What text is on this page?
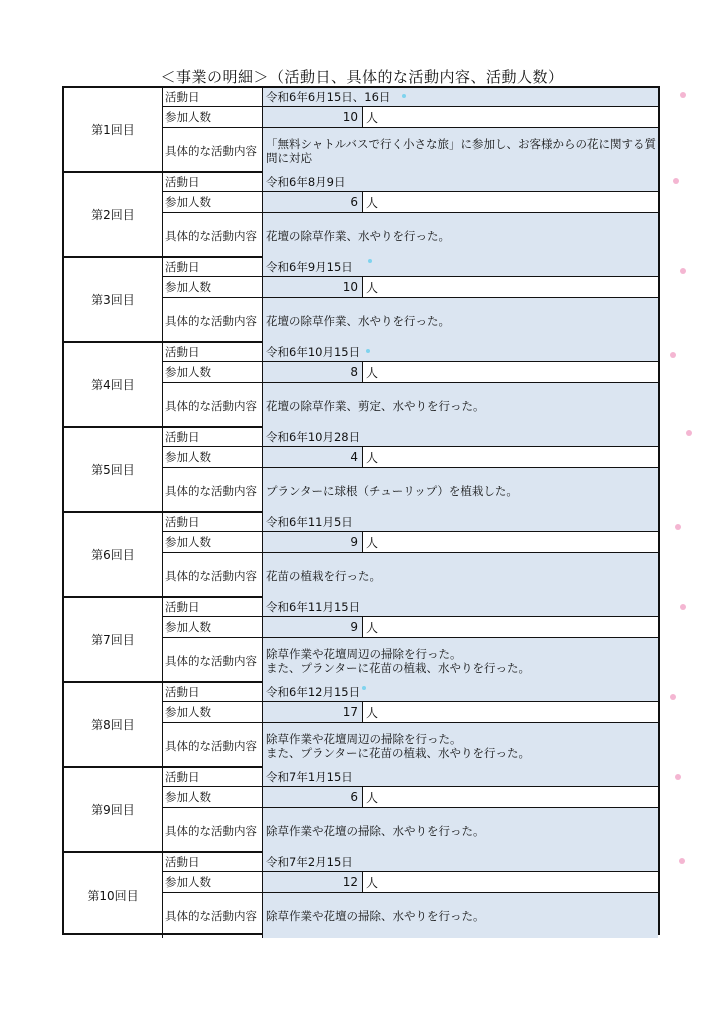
＜事業の明細＞（活動日、具体的な活動内容、活動人数）
第1回目
活動日	令和6年6月15日、16日
参加人数	10 人
具体的な活動内容 「無料シャトルバスで行く小さな旅」に参加し、お客様からの花に関する質問に対応
第2回目
活動日	令和6年8月9日
参加人数	6 人
具体的な活動内容 花壇の除草作業、水やりを行った。
第3回目
活動日	令和6年9月15日
参加人数	10 人
具体的な活動内容 花壇の除草作業、水やりを行った。
第4回目
活動日	令和6年10月15日
参加人数	8 人
具体的な活動内容 花壇の除草作業、剪定、水やりを行った。
第5回目
活動日	令和6年10月28日
参加人数	4 人
具体的な活動内容 プランターに球根（チューリップ）を植栽した。
第6回目
活動日	令和6年11月5日
参加人数	9 人
具体的な活動内容 花苗の植栽を行った。
第7回目
活動日	令和6年11月15日
参加人数	9 人
具体的な活動内容 除草作業や花壇周辺の掃除を行った。
また、プランターに花苗の植栽、水やりを行った。
第8回目
活動日	令和6年12月15日
参加人数	17 人
具体的な活動内容 除草作業や花壇周辺の掃除を行った。
また、プランターに花苗の植栽、水やりを行った。
第9回目
活動日	令和7年1月15日
参加人数	6 人
具体的な活動内容 除草作業や花壇の掃除、水やりを行った。
第10回目
活動日	令和7年2月15日
参加人数	12 人
具体的な活動内容 除草作業や花壇の掃除、水やりを行った。
